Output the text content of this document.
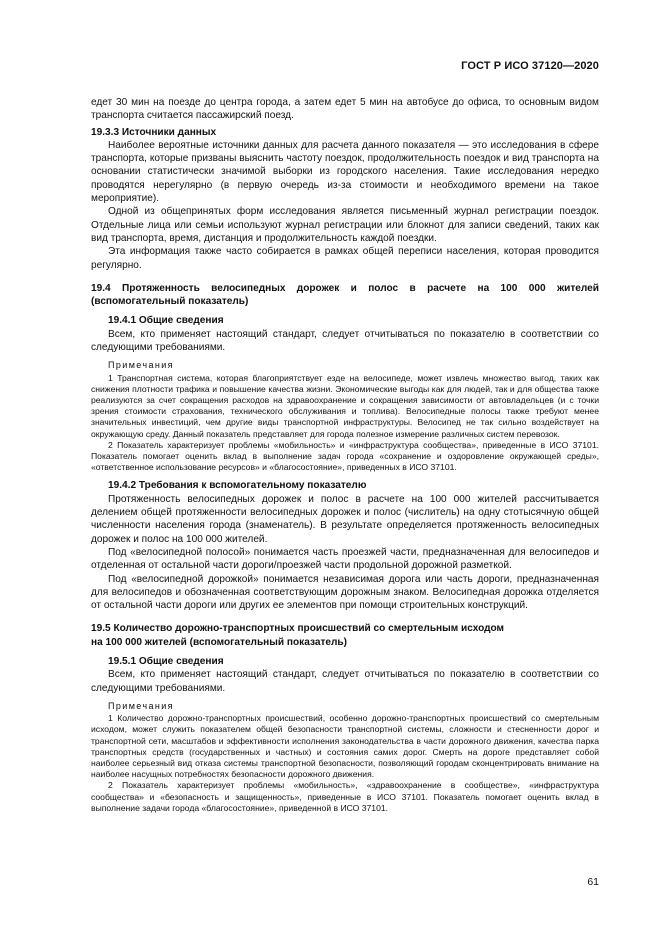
ГОСТ Р ИСО 37120—2020

едет 30 мин на поезде до центра города, а затем едет 5 мин на автобусе до офиса, то основным видом транспорта считается пассажирский поезд.

19.3.3 Источники данных

Наиболее вероятные источники данных для расчета данного показателя — это исследования в сфере транспорта, которые призваны выяснить частоту поездок, продолжительность поездок и вид транспорта на основании статистически значимой выборки из городского населения. Такие исследования нередко проводятся нерегулярно (в первую очередь из-за стоимости и необходимого времени на такое мероприятие).

Одной из общепринятых форм исследования является письменный журнал регистрации поездок. Отдельные лица или семьи используют журнал регистрации или блокнот для записи сведений, таких как вид транспорта, время, дистанция и продолжительность каждой поездки.

Эта информация также часто собирается в рамках общей переписи населения, которая проводится регулярно.

19.4 Протяженность велосипедных дорожек и полос в расчете на 100 000 жителей (вспомогательный показатель)

19.4.1 Общие сведения

Всем, кто применяет настоящий стандарт, следует отчитываться по показателю в соответствии со следующими требованиями.

Примечания

1 Транспортная система, которая благоприятствует езде на велосипеде, может извлечь множество выгод, таких как снижения плотности трафика и повышение качества жизни. Экономические выгоды как для людей, так и для общества также реализуются за счет сокращения расходов на здравоохранение и сокращения зависимости от автовладельцев (и с точки зрения стоимости страхования, технического обслуживания и топлива). Велосипедные полосы также требуют менее значительных инвестиций, чем другие виды транспортной инфраструктуры. Велосипед не так сильно воздействует на окружающую среду. Данный показатель представляет для города полезное измерение различных систем перевозок.

2 Показатель характеризует проблемы «мобильность» и «инфраструктура сообщества», приведенные в ИСО 37101. Показатель помогает оценить вклад в выполнение задач города «сохранение и оздоровление окружающей среды», «ответственное использование ресурсов» и «благосостояние», приведенных в ИСО 37101.

19.4.2 Требования к вспомогательному показателю

Протяженность велосипедных дорожек и полос в расчете на 100 000 жителей рассчитывается делением общей протяженности велосипедных дорожек и полос (числитель) на одну стотысячную общей численности населения города (знаменатель). В результате определяется протяженность велосипедных дорожек и полос на 100 000 жителей.

Под «велосипедной полосой» понимается часть проезжей части, предназначенная для велосипедов и отделенная от остальной части дороги/проезжей части продольной дорожной разметкой.

Под «велосипедной дорожкой» понимается независимая дорога или часть дороги, предназначенная для велосипедов и обозначенная соответствующим дорожным знаком. Велосипедная дорожка отделяется от остальной части дороги или других ее элементов при помощи строительных конструкций.

19.5 Количество дорожно-транспортных происшествий со смертельным исходом
на 100 000 жителей (вспомогательный показатель)

19.5.1 Общие сведения

Всем, кто применяет настоящий стандарт, следует отчитываться по показателю в соответствии со следующими требованиями.

Примечания

1 Количество дорожно-транспортных происшествий, особенно дорожно-транспортных происшествий со смертельным исходом, может служить показателем общей безопасности транспортной системы, сложности и стесненности дорог и транспортной сети, масштабов и эффективности исполнения законодательства в части дорожного движения, качества парка транспортных средств (государственных и частных) и состояния самих дорог. Смерть на дороге представляет собой наиболее серьезный вид отказа системы транспортной безопасности, позволяющий городам сконцентрировать внимание на наиболее насущных потребностях безопасности дорожного движения.

2 Показатель характеризует проблемы «мобильность», «здравоохранение в сообществе», «инфраструктура сообщества» и «безопасность и защищенность», приведенные в ИСО 37101. Показатель помогает оценить вклад в выполнение задачи города «благосостояние», приведенной в ИСО 37101.

61
